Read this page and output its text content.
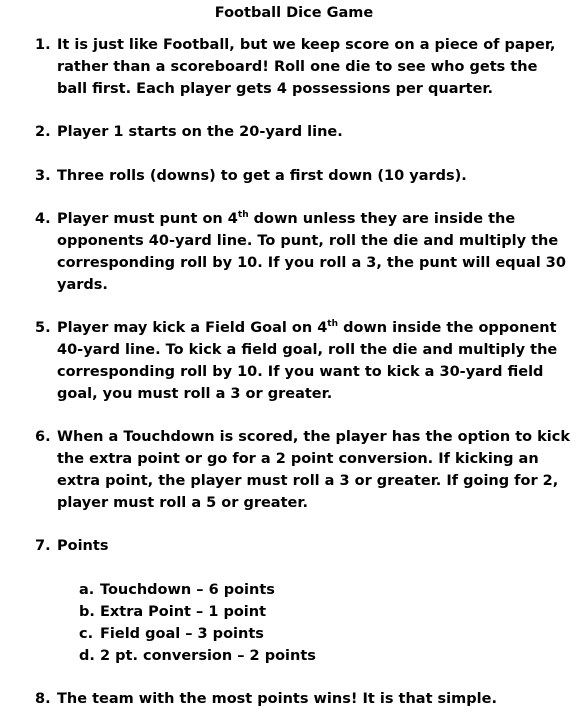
Football Dice Game
1. It is just like Football, but we keep score on a piece of paper, rather than a scoreboard! Roll one die to see who gets the ball first. Each player gets 4 possessions per quarter.
2. Player 1 starts on the 20-yard line.
3. Three rolls (downs) to get a first down (10 yards).
4. Player must punt on 4th down unless they are inside the opponents 40-yard line. To punt, roll the die and multiply the corresponding roll by 10. If you roll a 3, the punt will equal 30 yards.
5. Player may kick a Field Goal on 4th down inside the opponent 40-yard line. To kick a field goal, roll the die and multiply the corresponding roll by 10. If you want to kick a 30-yard field goal, you must roll a 3 or greater.
6. When a Touchdown is scored, the player has the option to kick the extra point or go for a 2 point conversion. If kicking an extra point, the player must roll a 3 or greater. If going for 2, player must roll a 5 or greater.
7. Points
a. Touchdown – 6 points
b. Extra Point – 1 point
c. Field goal – 3 points
d. 2 pt. conversion – 2 points
8. The team with the most points wins! It is that simple.
